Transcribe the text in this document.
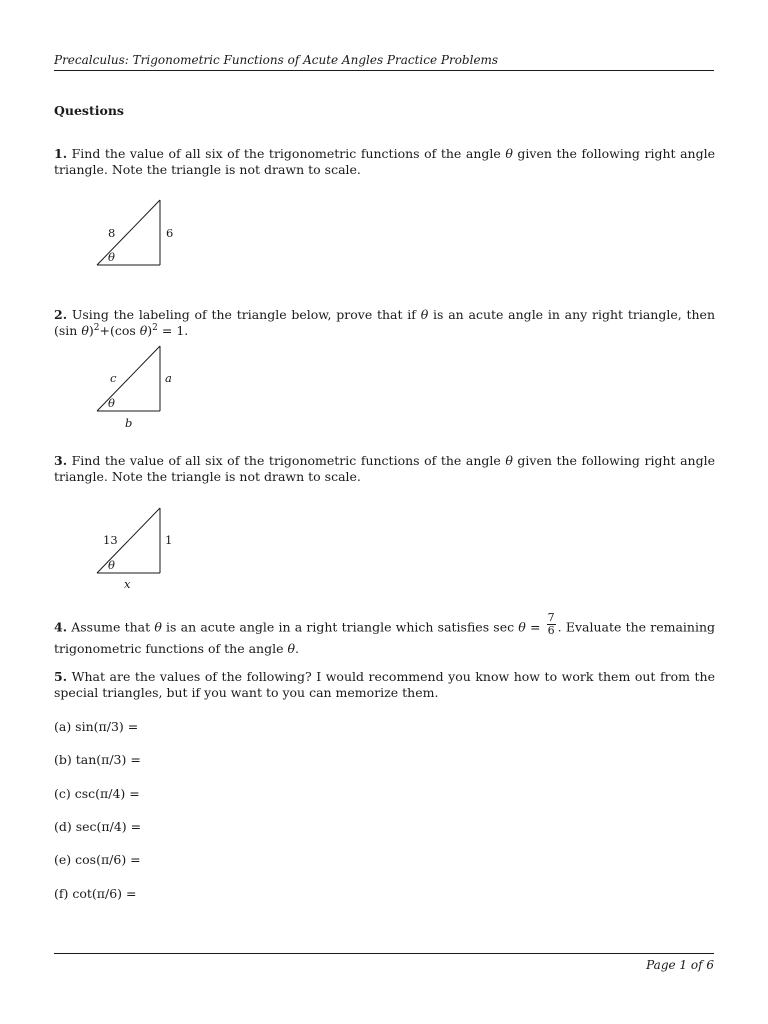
Precalculus: Trigonometric Functions of Acute Angles Practice Problems
Questions
1. Find the value of all six of the trigonometric functions of the angle θ given the following right angle triangle. Note the triangle is not drawn to scale.
8	6
θ
2. Using the labeling of the triangle below, prove that if θ is an acute angle in any right triangle, then (sin θ)$^2$+(cos θ)$^2$ = 1.
c	a
θ
b
3. Find the value of all six of the trigonometric functions of the angle θ given the following right angle triangle. Note the triangle is not drawn to scale.
13	1
θ
x
4. Assume that θ is an acute angle in a right triangle which satisfies $\sec \theta = \frac{7}{6}$ . Evaluate the remaining trigonometric functions of the angle θ.
5. What are the values of the following? I would recommend you know how to work them out from the special triangles, but if you want to you can memorize them.
(a) sin(π/3) =
(b) tan(π/3) =
(c) csc(π/4) =
(d) sec(π/4) =
(e) cos(π/6) =
(f) cot(π/6) =
Page 1 of 6
